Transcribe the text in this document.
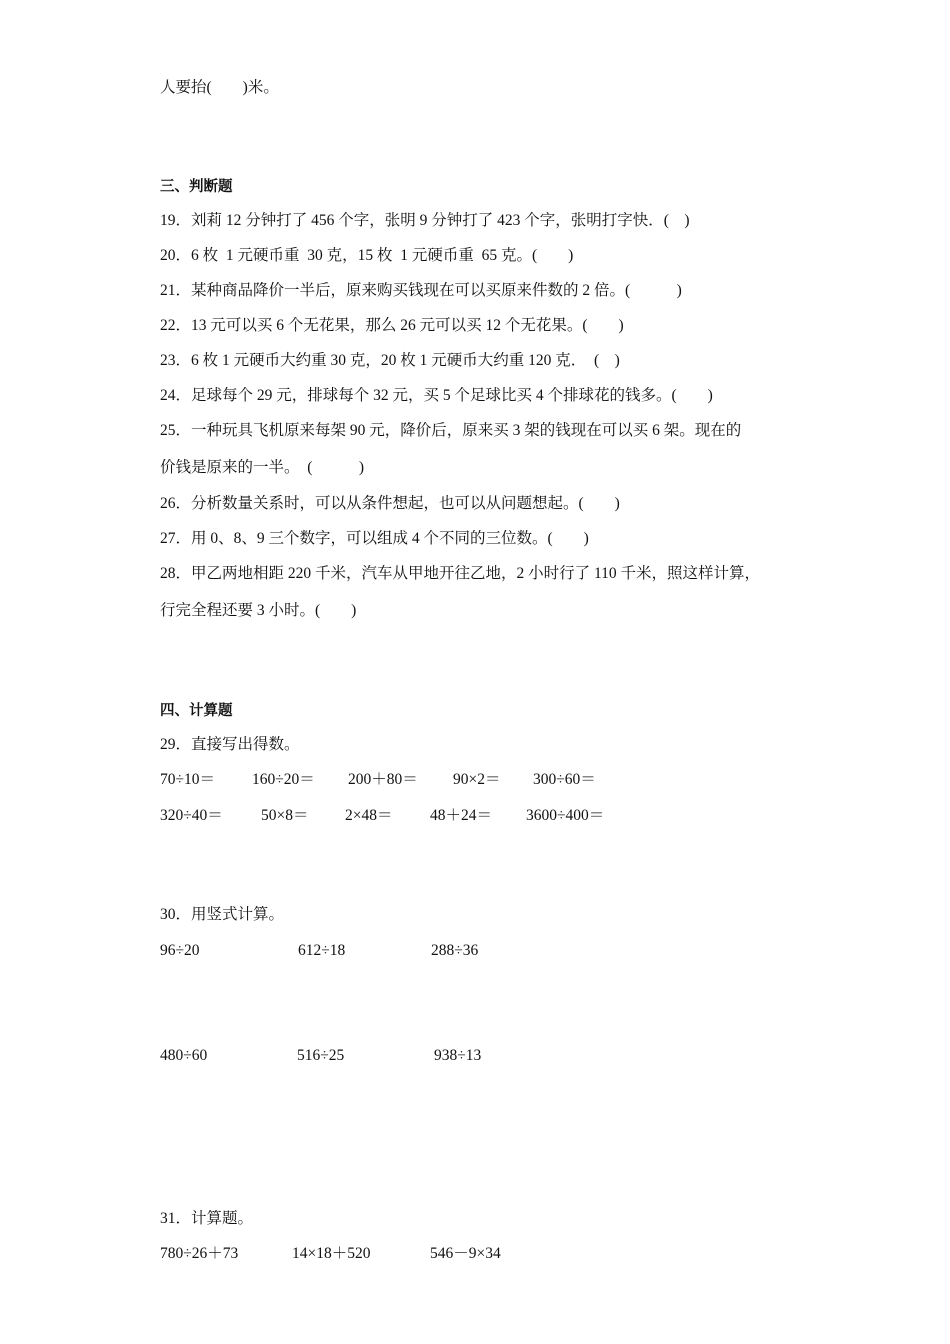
人要抬(　　)米。
三、判断题
19．刘莉 12 分钟打了 456 个字，张明 9 分钟打了 423 个字，张明打字快．(　)
20．6 枚  1 元硬币重  30 克，15 枚  1 元硬币重  65 克。(　　)
21．某种商品降价一半后，原来购买钱现在可以买原来件数的 2 倍。(　　　)
22．13 元可以买 6 个无花果，那么 26 元可以买 12 个无花果。(　　)
23．6 枚 1 元硬币大约重 30 克，20 枚 1 元硬币大约重 120 克．　(　)
24．足球每个 29 元，排球每个 32 元，买 5 个足球比买 4 个排球花的钱多。(　　)
25．一种玩具飞机原来每架 90 元，降价后，原来买 3 架的钱现在可以买 6 架。现在的
价钱是原来的一半。　(　　　)
26．分析数量关系时，可以从条件想起，也可以从问题想起。(　　)
27．用 0、8、9 三个数字，可以组成 4 个不同的三位数。(　　)
28．甲乙两地相距 220 千米，汽车从甲地开往乙地，2 小时行了 110 千米，照这样计算，
行完全程还要 3 小时。(　　)
四、计算题
29．直接写出得数。
70÷10＝ 160÷20＝ 200＋80＝ 90×2＝ 300÷60＝
320÷40＝ 50×8＝ 2×48＝ 48＋24＝ 3600÷400＝
30．用竖式计算。
96÷20	612÷18	288÷36
480÷60	516÷25	938÷13
31．计算题。
780÷26＋73	14×18＋520	546－9×34
